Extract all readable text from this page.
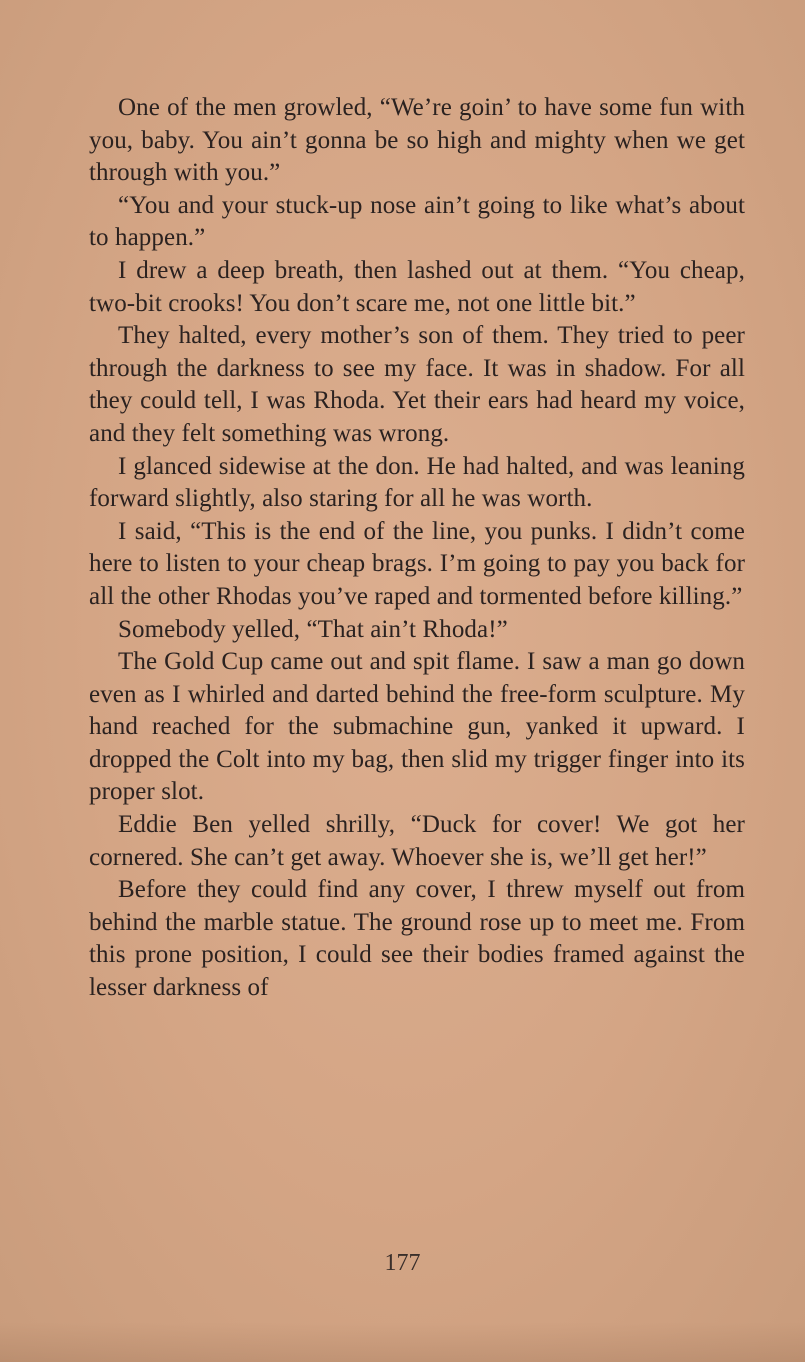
One of the men growled, “We’re goin’ to have some fun with you, baby. You ain’t gonna be so high and mighty when we get through with you.”

“You and your stuck-up nose ain’t going to like what’s about to happen.”

I drew a deep breath, then lashed out at them. “You cheap, two-bit crooks! You don’t scare me, not one little bit.”

They halted, every mother’s son of them. They tried to peer through the darkness to see my face. It was in shadow. For all they could tell, I was Rhoda. Yet their ears had heard my voice, and they felt something was wrong.

I glanced sidewise at the don. He had halted, and was leaning forward slightly, also staring for all he was worth.

I said, “This is the end of the line, you punks. I didn’t come here to listen to your cheap brags. I’m going to pay you back for all the other Rhodas you’ve raped and tormented before killing.”

Somebody yelled, “That ain’t Rhoda!”

The Gold Cup came out and spit flame. I saw a man go down even as I whirled and darted behind the free-form sculpture. My hand reached for the submachine gun, yanked it upward. I dropped the Colt into my bag, then slid my trigger finger into its proper slot.

Eddie Ben yelled shrilly, “Duck for cover! We got her cornered. She can’t get away. Whoever she is, we’ll get her!”

Before they could find any cover, I threw myself out from behind the marble statue. The ground rose up to meet me. From this prone position, I could see their bodies framed against the lesser darkness of

177
